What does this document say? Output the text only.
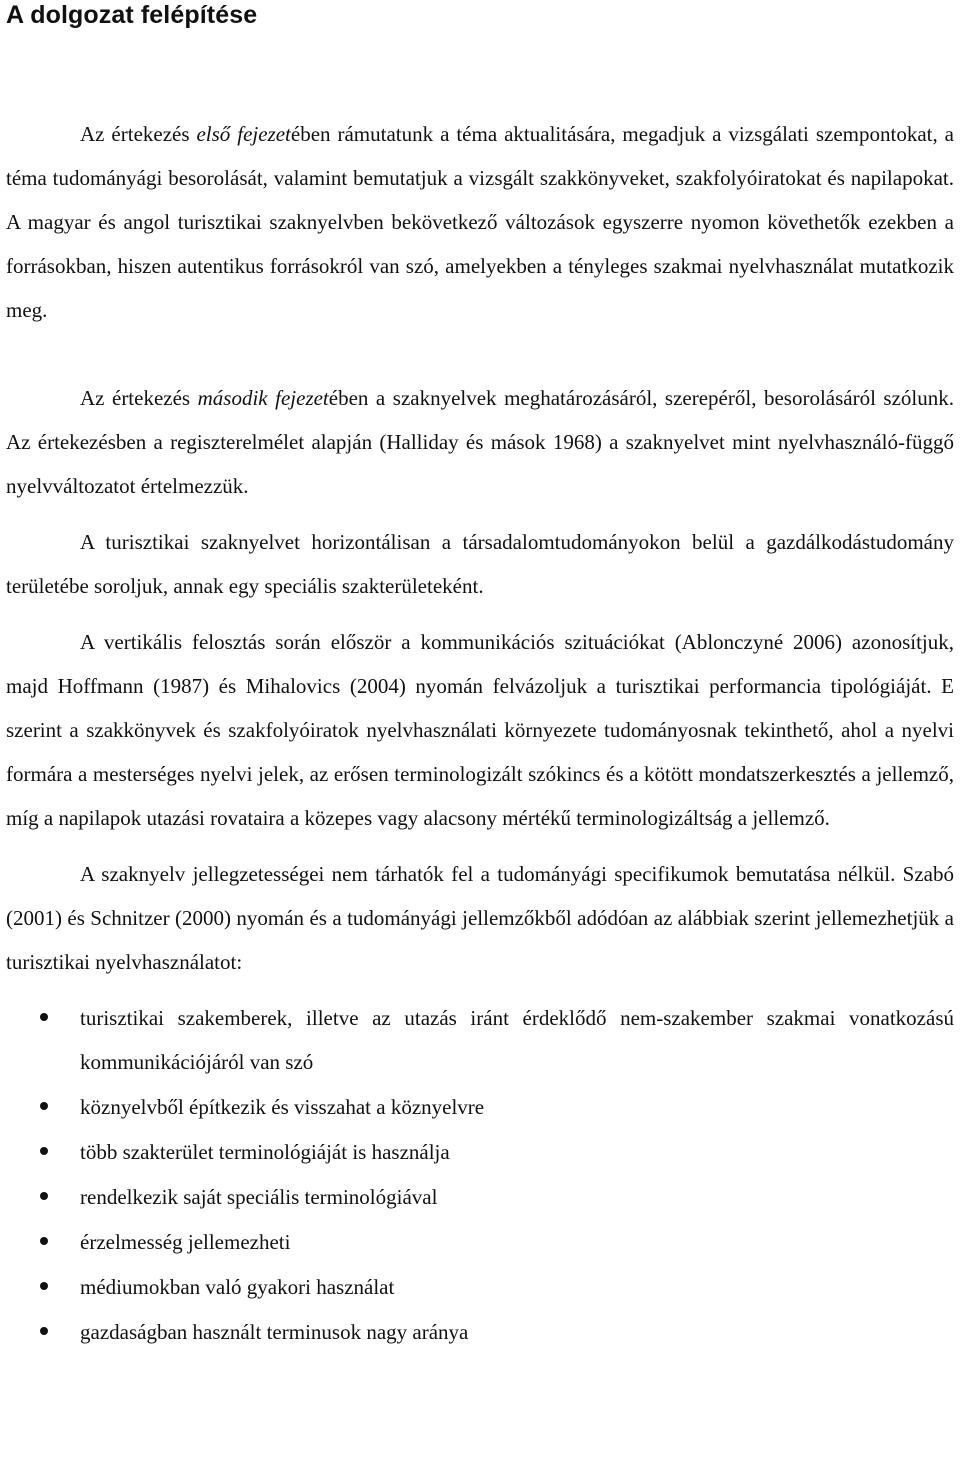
A dolgozat felépítése

Az értekezés első fejezetében rámutatunk a téma aktualitására, megadjuk a vizsgálati szempontokat, a téma tudományági besorolását, valamint bemutatjuk a vizsgált szakkönyveket, szakfolyóiratokat és napilapokat. A magyar és angol turisztikai szaknyelvben bekövetkező változások egyszerre nyomon követhetők ezekben a forrásokban, hiszen autentikus forrásokról van szó, amelyekben a tényleges szakmai nyelvhasználat mutatkozik meg.

Az értekezés második fejezetében a szaknyelvek meghatározásáról, szerepéről, besorolásáról szólunk. Az értekezésben a regiszterelmélet alapján (Halliday és mások 1968) a szaknyelvet mint nyelvhasználó-függő nyelvváltozatot értelmezzük.

A turisztikai szaknyelvet horizontálisan a társadalomtudományokon belül a gazdálkodástudomány területébe soroljuk, annak egy speciális szakterületeként.

A vertikális felosztás során először a kommunikációs szituációkat (Ablonczyné 2006) azonosítjuk, majd Hoffmann (1987) és Mihalovics (2004) nyomán felvázoljuk a turisztikai performancia tipológiáját. E szerint a szakkönyvek és szakfolyóiratok nyelvhasználati környezete tudományosnak tekinthető, ahol a nyelvi formára a mesterséges nyelvi jelek, az erősen terminologizált szókincs és a kötött mondatszerkesztés a jellemző, míg a napilapok utazási rovataira a közepes vagy alacsony mértékű terminologizáltság a jellemző.

A szaknyelv jellegzetességei nem tárhatók fel a tudományági specifikumok bemutatása nélkül. Szabó (2001) és Schnitzer (2000) nyomán és a tudományági jellemzőkből adódóan az alábbiak szerint jellemezhetjük a turisztikai nyelvhasználatot:

turisztikai szakemberek, illetve az utazás iránt érdeklődő nem-szakember szakmai vonatkozású kommunikációjáról van szó
köznyelvből építkezik és visszahat a köznyelvre
több szakterület terminológiáját is használja
rendelkezik saját speciális terminológiával
érzelmesség jellemezheti
médiumokban való gyakori használat
gazdaságban használt terminusok nagy aránya
